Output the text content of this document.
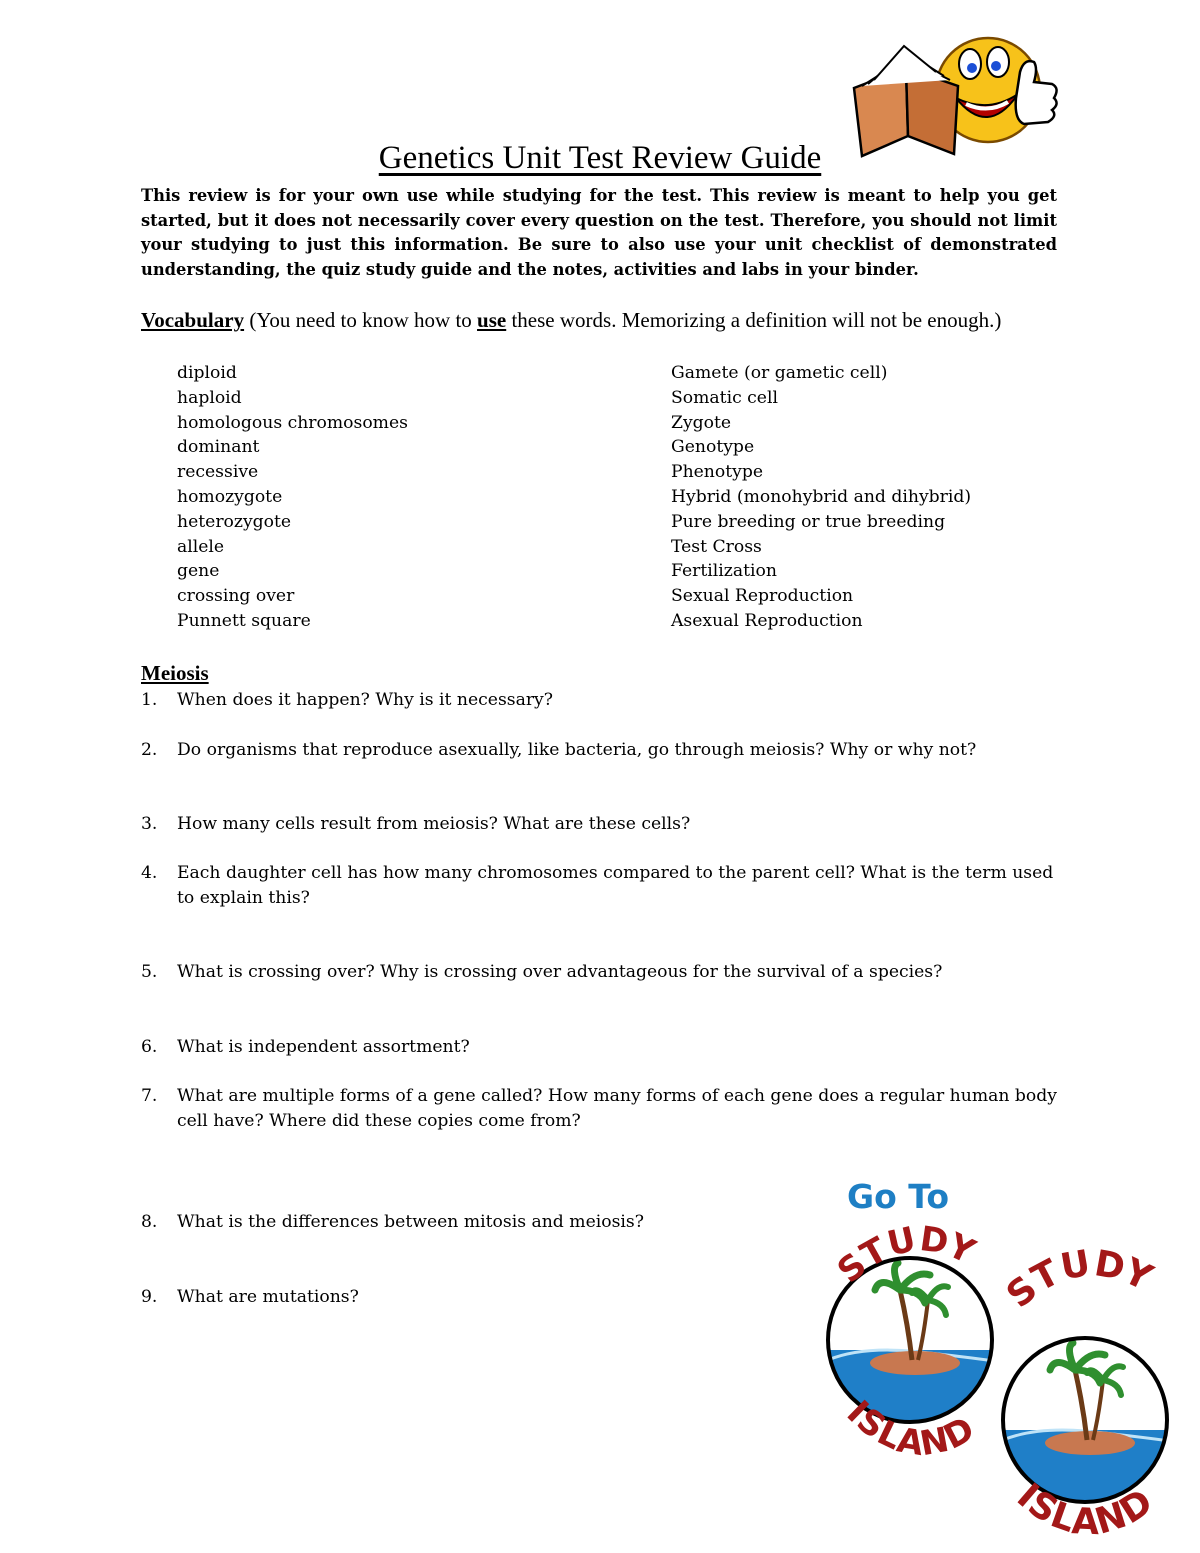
Genetics Unit Test Review Guide
This review is for your own use while studying for the test. This review is meant to help you get started, but it does not necessarily cover every question on the test. Therefore, you should not limit your studying to just this information. Be sure to also use your unit checklist of demonstrated understanding, the quiz study guide and the notes, activities and labs in your binder.
Vocabulary (You need to know how to use these words. Memorizing a definition will not be enough.)
diploid
haploid
homologous chromosomes
dominant
recessive
homozygote
heterozygote
allele
gene
crossing over
Punnett square
Gamete (or gametic cell)
Somatic cell
Zygote
Genotype
Phenotype
Hybrid (monohybrid and dihybrid)
Pure breeding or true breeding
Test Cross
Fertilization
Sexual Reproduction
Asexual Reproduction
Meiosis
1. When does it happen? Why is it necessary?
2. Do organisms that reproduce asexually, like bacteria, go through meiosis? Why or why not?
3. How many cells result from meiosis? What are these cells?
4. Each daughter cell has how many chromosomes compared to the parent cell? What is the term used to explain this?
5. What is crossing over? Why is crossing over advantageous for the survival of a species?
6. What is independent assortment?
7. What are multiple forms of a gene called? How many forms of each gene does a regular human body cell have? Where did these copies come from?
8. What is the differences between mitosis and meiosis?
9. What are mutations?
Go To
STUDY
ISLAND
STUDY
ISLAND
